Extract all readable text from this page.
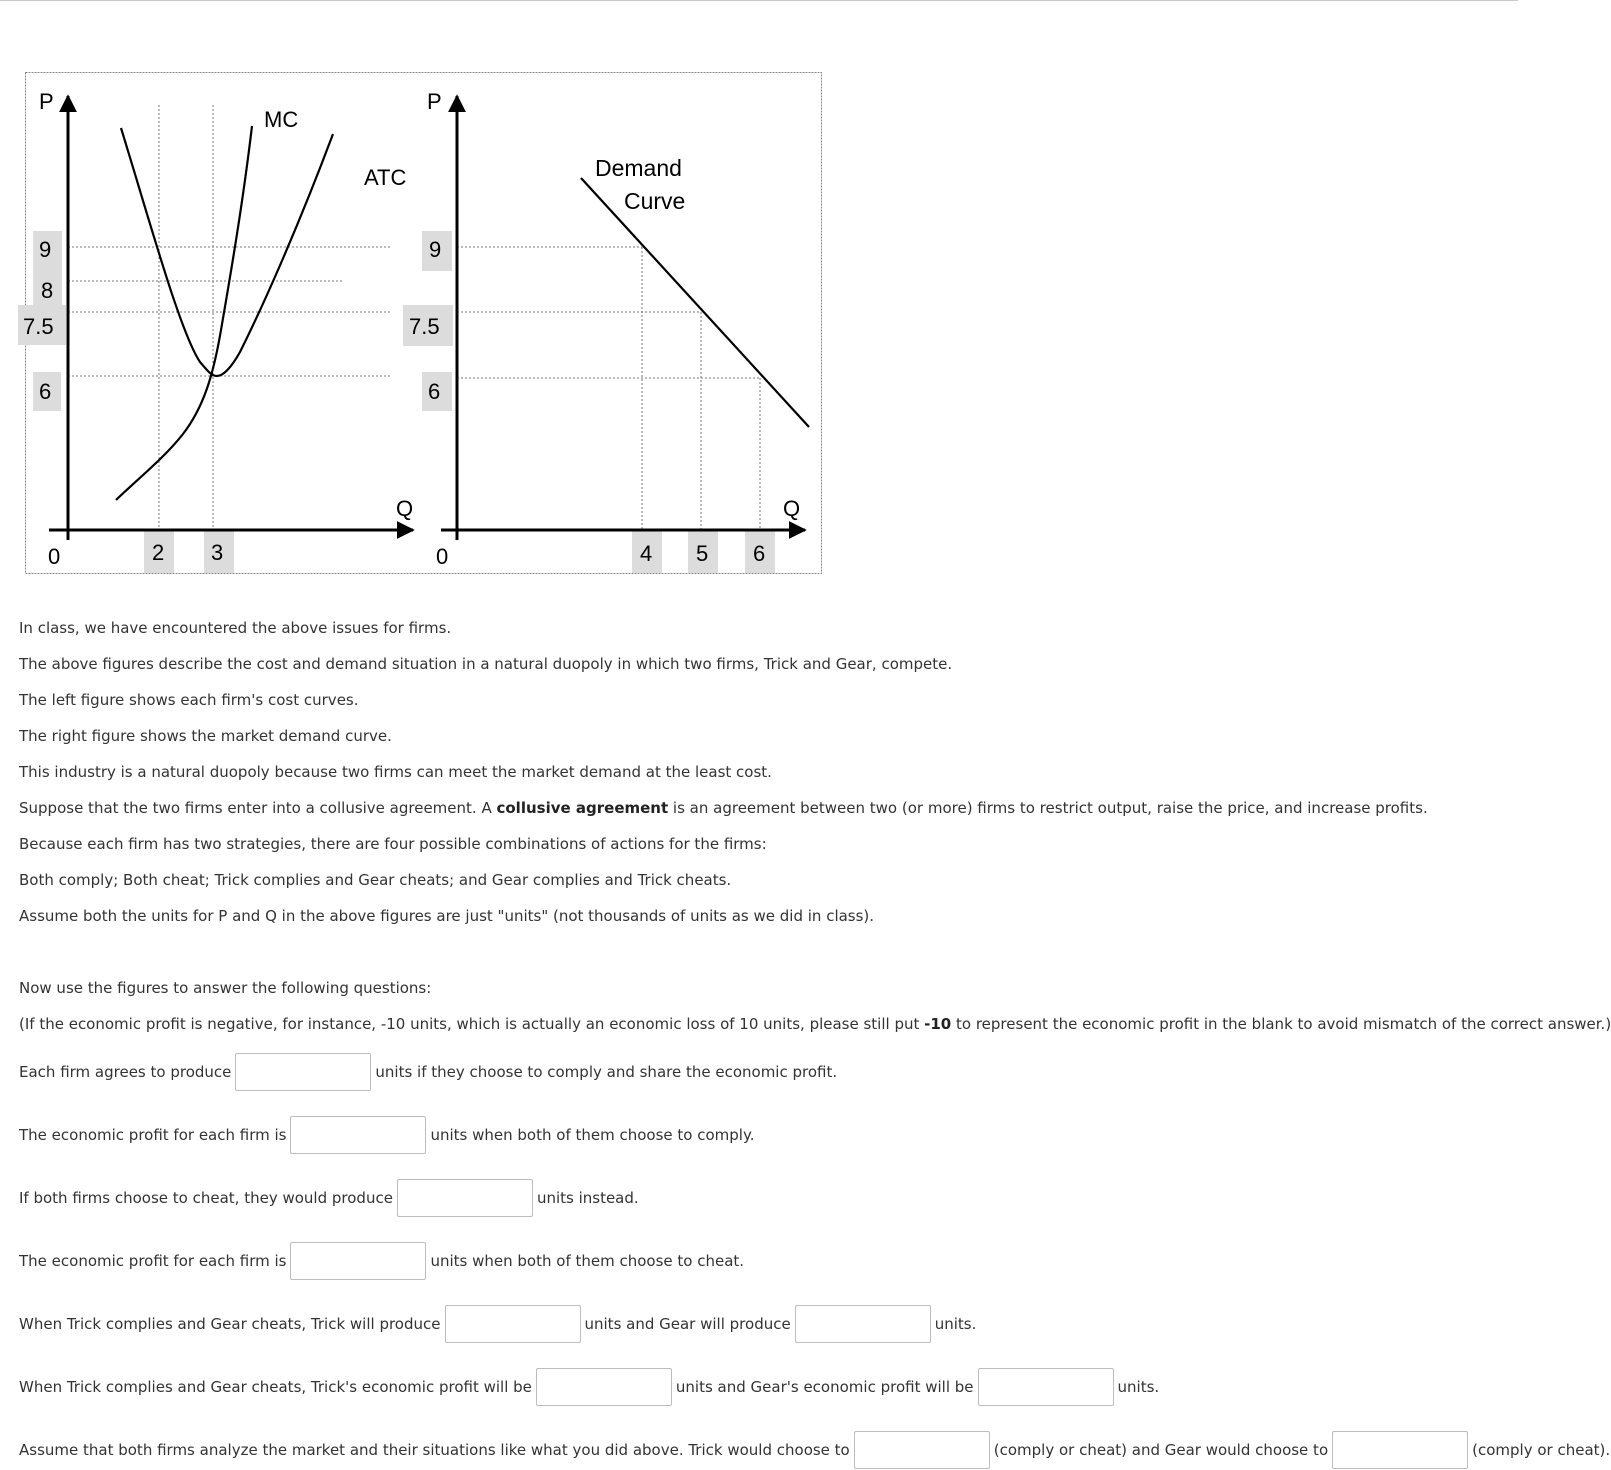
P
Q
0
MC
ATC
9
8
7.5
6
2 3
P
Q
0
Demand
Curve
9
7.5
6
4 5 6
In class, we have encountered the above issues for firms.
The above figures describe the cost and demand situation in a natural duopoly in which two firms, Trick and Gear, compete.
The left figure shows each firm's cost curves.
The right figure shows the market demand curve.
This industry is a natural duopoly because two firms can meet the market demand at the least cost.
Suppose that the two firms enter into a collusive agreement. A collusive agreement is an agreement between two (or more) firms to restrict output, raise the price, and increase profits.
Because each firm has two strategies, there are four possible combinations of actions for the firms:
Both comply; Both cheat; Trick complies and Gear cheats; and Gear complies and Trick cheats.
Assume both the units for P and Q in the above figures are just "units" (not thousands of units as we did in class).
Now use the figures to answer the following questions:
(If the economic profit is negative, for instance, -10 units, which is actually an economic loss of 10 units, please still put -10 to represent the economic profit in the blank to avoid mismatch of the correct answer.)
Each firm agrees to produce	units if they choose to comply and share the economic profit.
The economic profit for each firm is	units when both of them choose to comply.
If both firms choose to cheat, they would produce	units instead.
The economic profit for each firm is	units when both of them choose to cheat.
When Trick complies and Gear cheats, Trick will produce	units and Gear will produce	units.
When Trick complies and Gear cheats, Trick's economic profit will be	units and Gear's economic profit will be	units.
Assume that both firms analyze the market and their situations like what you did above. Trick would choose to	(comply or cheat) and Gear would choose to	(comply or cheat).
